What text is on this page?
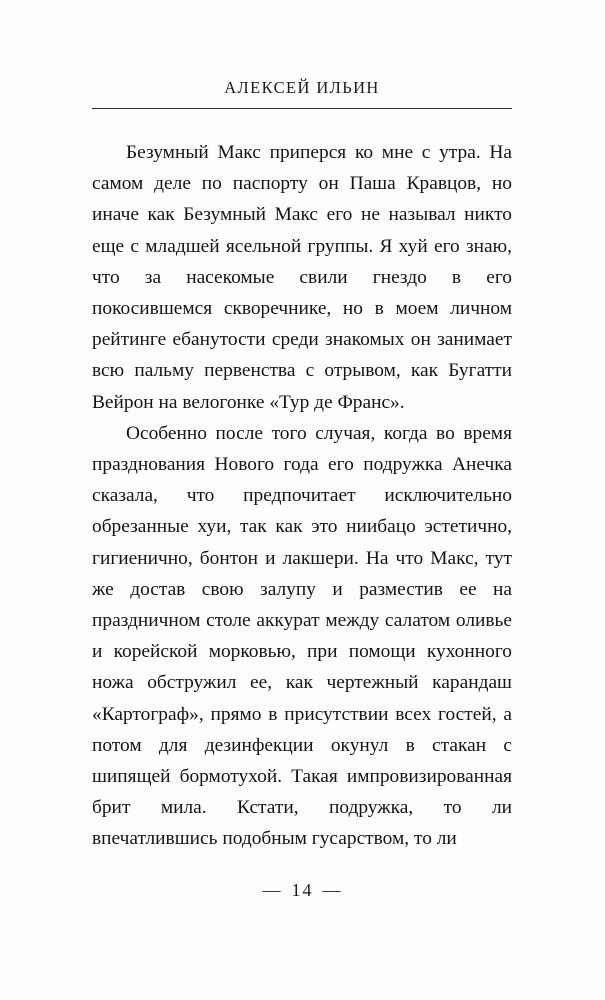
АЛЕКСЕЙ ИЛЬИН

Безумный Макс приперся ко мне с утра. На самом деле по паспорту он Паша Кравцов, но иначе как Безумный Макс его не называл никто еще с младшей ясельной группы. Я хуй его знаю, что за насекомые свили гнездо в его покосившемся скворечнике, но в моем личном рейтинге ебанутости среди знакомых он занимает всю пальму первенства с отрывом, как Бугатти Вейрон на велогонке «Тур де Франс».

Особенно после того случая, когда во время празднования Нового года его подружка Анечка сказала, что предпочитает исключительно обрезанные хуи, так как это ниибацо эстетично, гигиенично, бонтон и лакшери. На что Макс, тут же достав свою залупу и разместив ее на праздничном столе аккурат между салатом оливье и корейской морковью, при помощи кухонного ножа обстружил ее, как чертежный карандаш «Картограф», прямо в присутствии всех гостей, а потом для дезинфекции окунул в стакан с шипящей бормотухой. Такая импровизированная брит мила. Кстати, подружка, то ли впечатлившись подобным гусарством, то ли

— 14 —
